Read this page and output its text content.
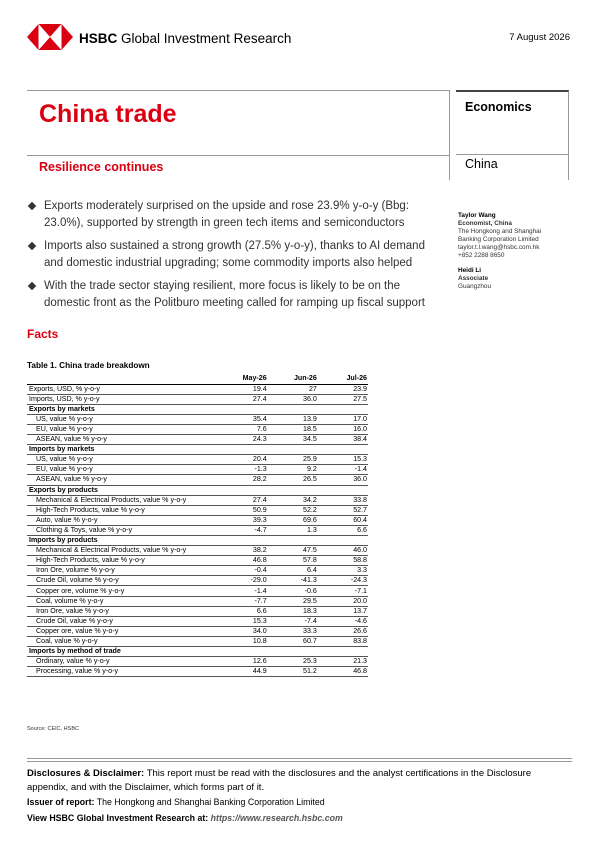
HSBC Global Investment Research	7 August 2026
China trade
Resilience continues
Economics
China
Exports moderately surprised on the upside and rose 23.9% y-o-y (Bbg: 23.0%), supported by strength in green tech items and semiconductors
Imports also sustained a strong growth (27.5% y-o-y), thanks to AI demand and domestic industrial upgrading; some commodity imports also helped
With the trade sector staying resilient, more focus is likely to be on the domestic front as the Politburo meeting called for ramping up fiscal support
Taylor Wang
Economist, China
The Hongkong and Shanghai
Banking Corporation Limited
taylor.t.l.wang@hsbc.com.hk
+852 2288 8650
Heidi Li
Associate
Guangzhou
Facts
Table 1. China trade breakdown
	May-26	Jun-26	Jul-26
Exports, USD, % y-o-y	19.4	27	23.9
Imports, USD, % y-o-y	27.4	36.0	27.5
Exports by markets			
US, value % y-o-y	35.4	13.9	17.0
EU, value % y-o-y	7.6	18.5	16.0
ASEAN, value % y-o-y	24.3	34.5	38.4
Imports by markets			
US, value % y-o-y	20.4	25.9	15.3
EU, value % y-o-y	-1.3	9.2	-1.4
ASEAN, value % y-o-y	28.2	26.5	36.0
Exports by products			
Mechanical & Electrical Products, value % y-o-y	27.4	34.2	33.8
High-Tech Products, value % y-o-y	50.9	52.2	52.7
Auto, value % y-o-y	39.3	69.6	60.4
Clothing & Toys, value % y-o-y	-4.7	1.3	6.6
Imports by products			
Mechanical & Electrical Products, value % y-o-y	38.2	47.5	46.0
High-Tech Products, value % y-o-y	46.8	57.8	58.8
Iron Ore, volume % y-o-y	-0.4	6.4	3.3
Crude Oil, volume % y-o-y	-29.0	-41.3	-24.3
Copper ore, volume % y-o-y	-1.4	-0.6	-7.1
Coal, volume % y-o-y	-7.7	29.5	20.0
Iron Ore, value % y-o-y	6.6	18.3	13.7
Crude Oil, value % y-o-y	15.3	-7.4	-4.6
Copper ore, value % y-o-y	34.0	33.3	26.6
Coal, value % y-o-y	10.8	60.7	83.8
Imports by method of trade			
Ordinary, value % y-o-y	12.6	25.3	21.3
Processing, value % y-o-y	44.9	51.2	46.8
Source: CEIC, HSBC
Disclosures & Disclaimer: This report must be read with the disclosures and the analyst certifications in the Disclosure appendix, and with the Disclaimer, which forms part of it.
Issuer of report: The Hongkong and Shanghai Banking Corporation Limited
View HSBC Global Investment Research at: https://www.research.hsbc.com
